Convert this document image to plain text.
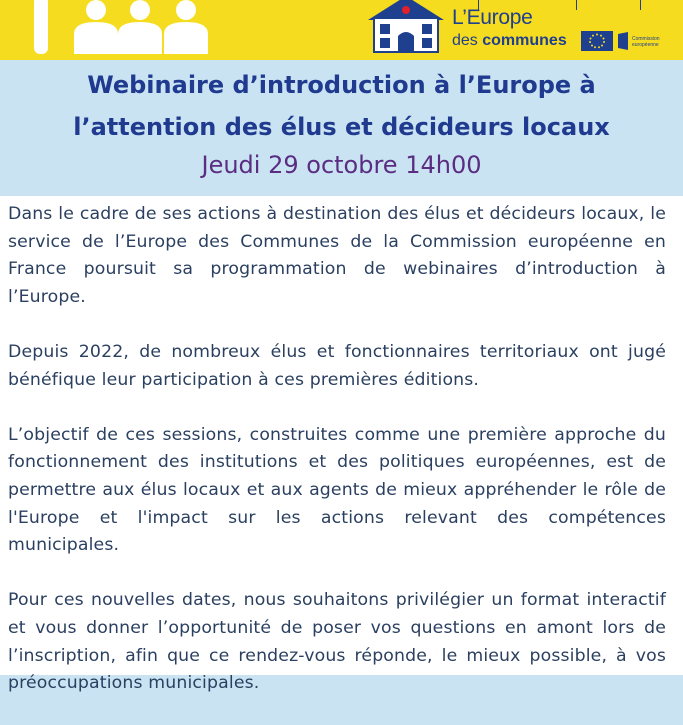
L’Europe
des communes	Commission
européenne
Webinaire d’introduction à l’Europe à
l’attention des élus et décideurs locaux
Jeudi 29 octobre 14h00

Dans le cadre de ses actions à destination des élus et décideurs locaux, le service de l’Europe des Communes de la Commission européenne en France poursuit sa programmation de webinaires d’introduction à l’Europe.

Depuis 2022, de nombreux élus et fonctionnaires territoriaux ont jugé bénéfique leur participation à ces premières éditions.

L’objectif de ces sessions, construites comme une première approche du fonctionnement des institutions et des politiques européennes, est de permettre aux élus locaux et aux agents de mieux appréhender le rôle de l'Europe et l'impact sur les actions relevant des compétences municipales.

Pour ces nouvelles dates, nous souhaitons privilégier un format interactif et vous donner l’opportunité de poser vos questions en amont lors de l’inscription, afin que ce rendez-vous réponde, le mieux possible, à vos préoccupations municipales.
